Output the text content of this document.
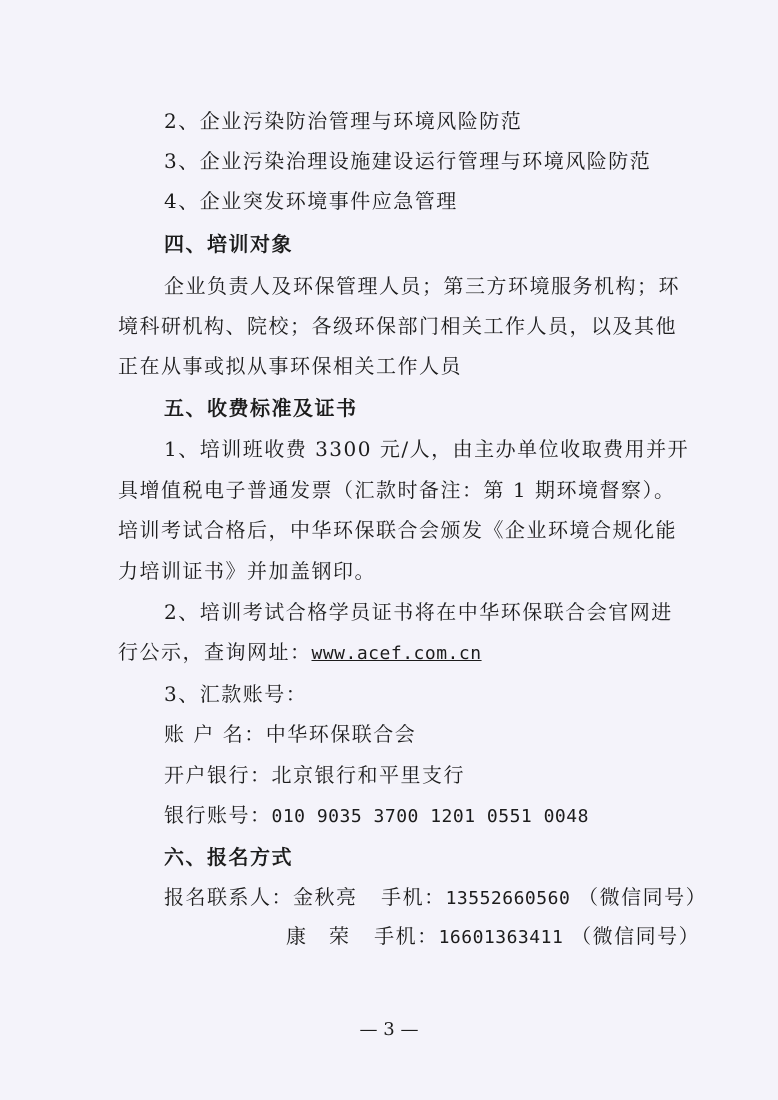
2、企业污染防治管理与环境风险防范
3、企业污染治理设施建设运行管理与环境风险防范
4、企业突发环境事件应急管理
四、培训对象
企业负责人及环保管理人员；第三方环境服务机构；环
境科研机构、院校；各级环保部门相关工作人员，以及其他
正在从事或拟从事环保相关工作人员
五、收费标准及证书
1、培训班收费 3300 元/人，由主办单位收取费用并开
具增值税电子普通发票（汇款时备注：第 1 期环境督察）。
培训考试合格后，中华环保联合会颁发《企业环境合规化能
力培训证书》并加盖钢印。
2、培训考试合格学员证书将在中华环保联合会官网进
行公示，查询网址：www.acef.com.cn
3、汇款账号：
账 户 名：中华环保联合会
开户银行：北京银行和平里支行
银行账号：010 9035 3700 1201 0551 0048
六、报名方式
报名联系人：金秋亮 手机：13552660560 （微信同号）
康　荣 手机：16601363411 （微信同号）
— 3 —
